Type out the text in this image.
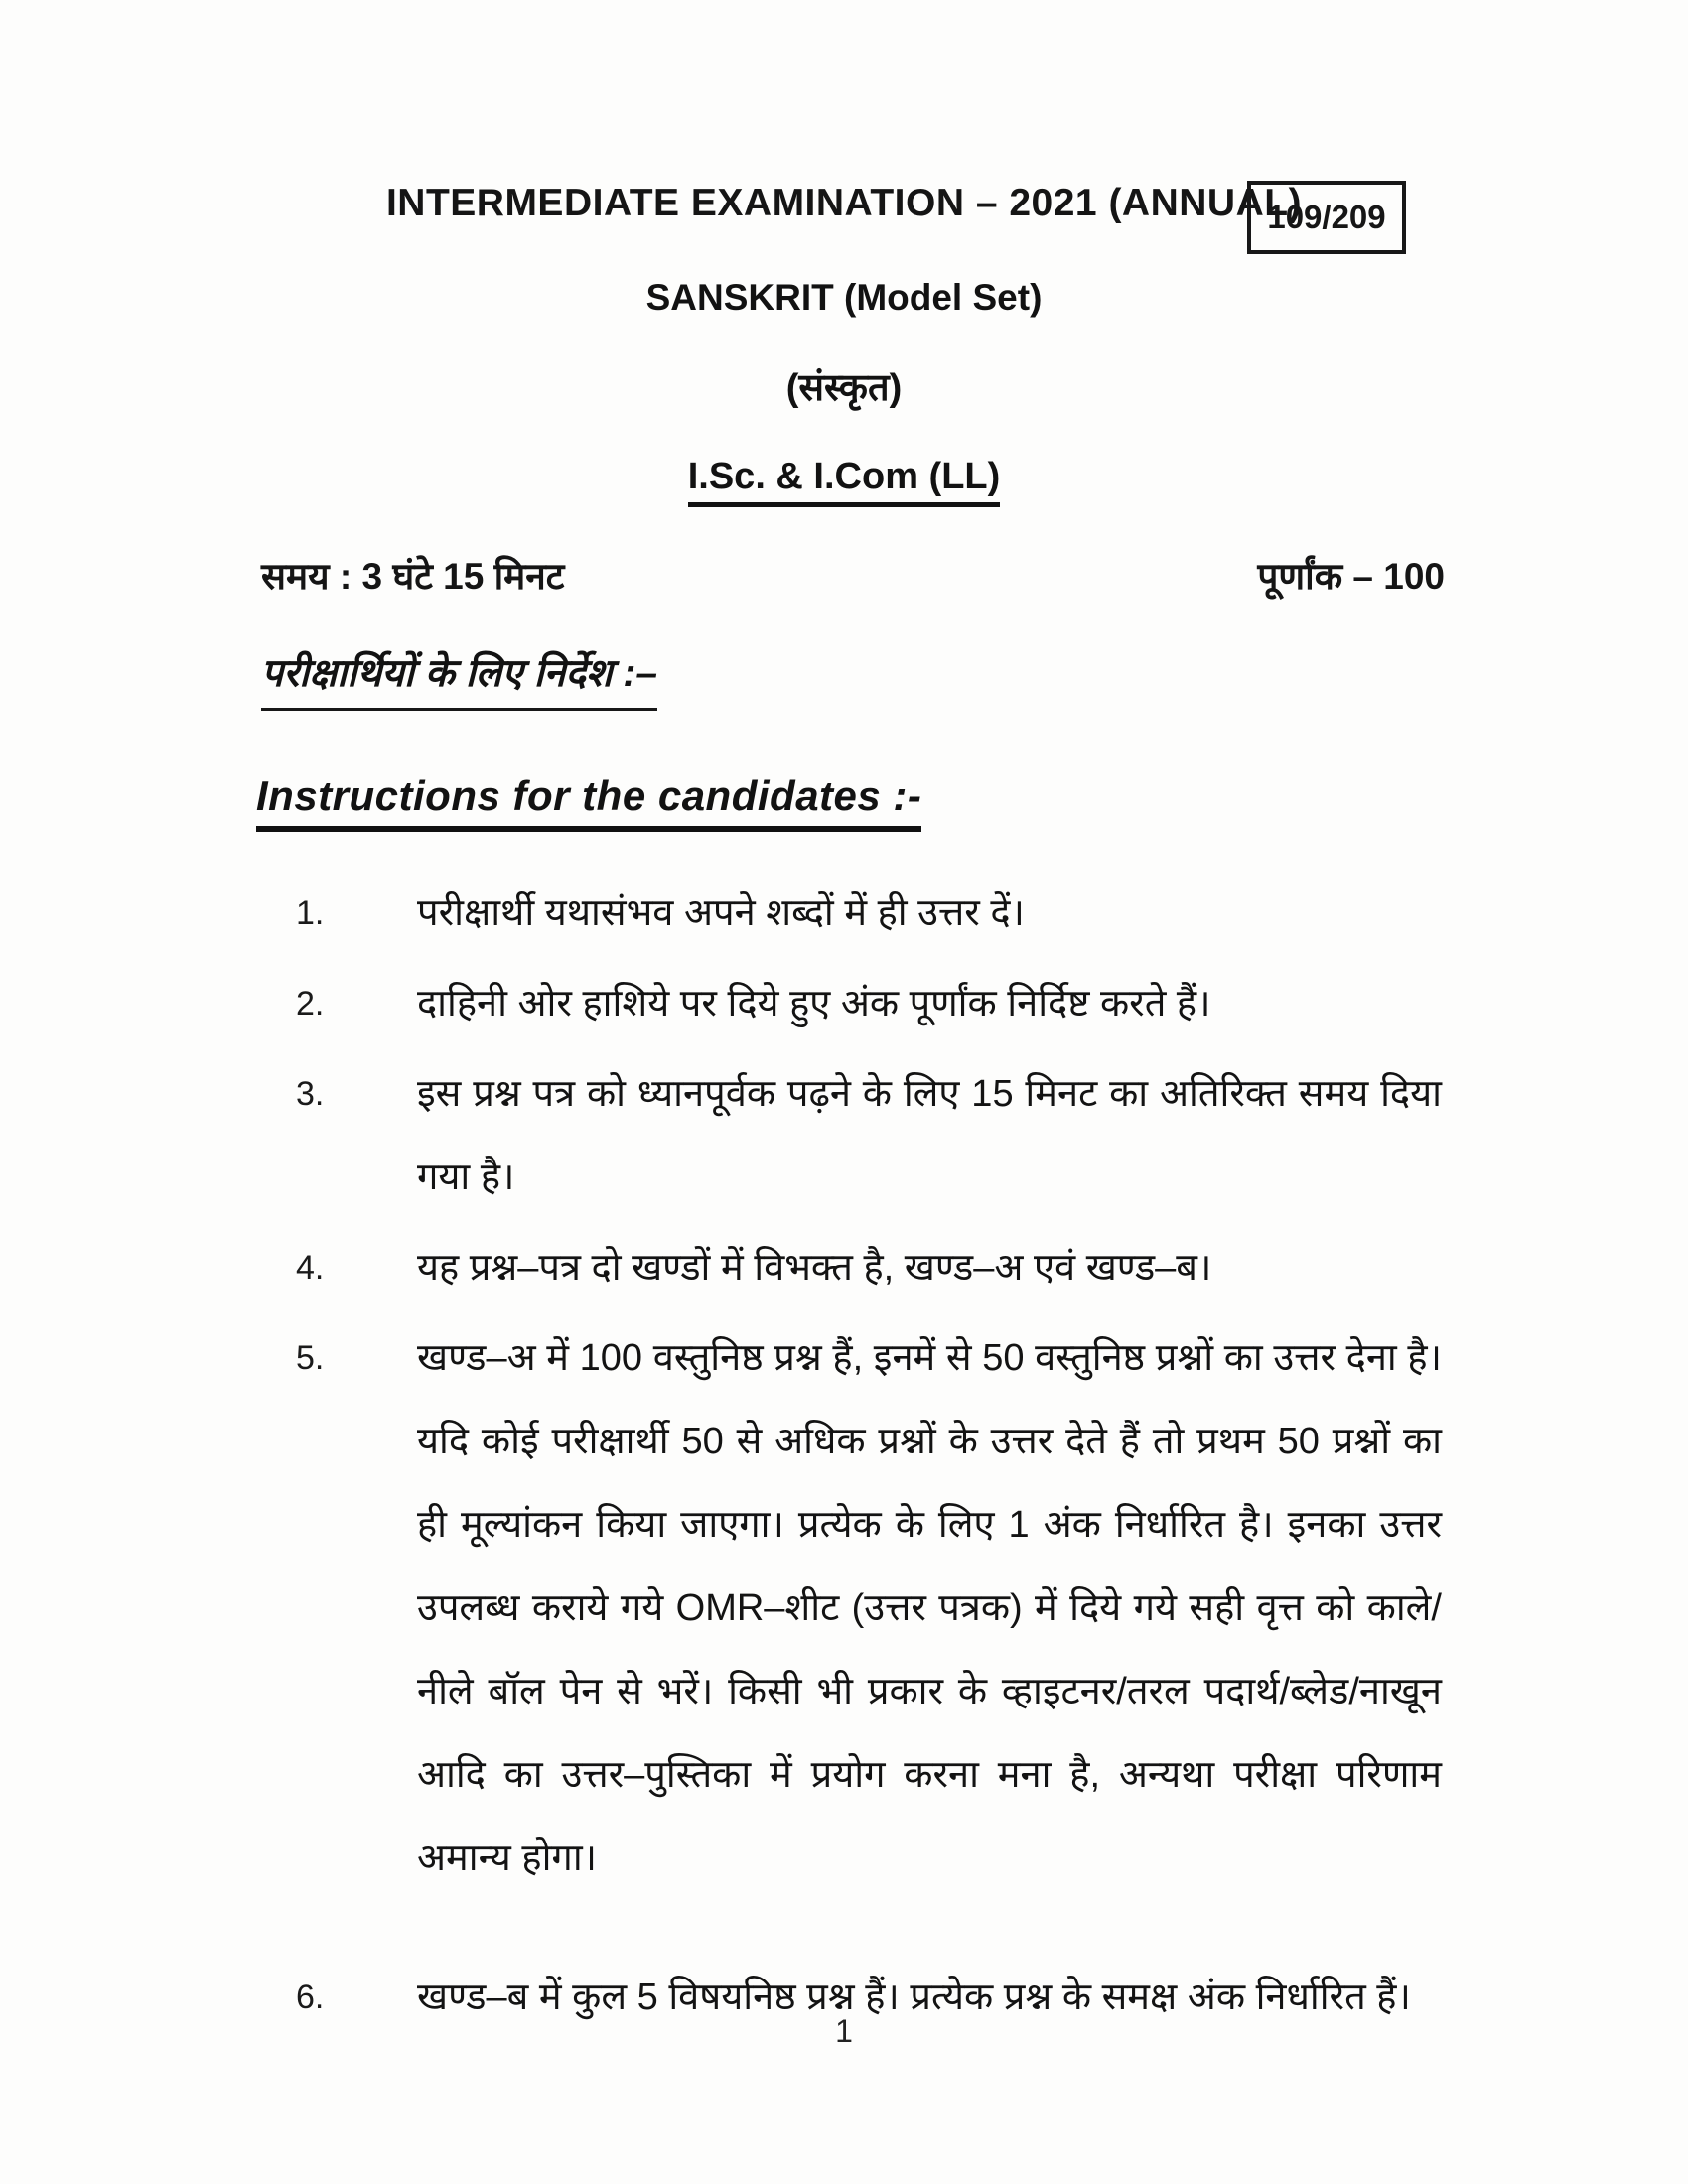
109/209
INTERMEDIATE EXAMINATION – 2021 (ANNUAL)
SANSKRIT (Model Set)
(संस्कृत)
I.Sc. & I.Com (LL)
समय : 3 घंटे 15 मिनट	पूर्णांक – 100
परीक्षार्थियों के लिए निर्देश :–
Instructions for the candidates :-
1.	परीक्षार्थी यथासंभव अपने शब्दों में ही उत्तर दें।
2.	दाहिनी ओर हाशिये पर दिये हुए अंक पूर्णांक निर्दिष्ट करते हैं।
3.	इस प्रश्न पत्र को ध्यानपूर्वक पढ़ने के लिए 15 मिनट का अतिरिक्त समय दिया गया है।
4.	यह प्रश्न–पत्र दो खण्डों में विभक्त है, खण्ड–अ एवं खण्ड–ब।
5.	खण्ड–अ में 100 वस्तुनिष्ठ प्रश्न हैं, इनमें से 50 वस्तुनिष्ठ प्रश्नों का उत्तर देना है। यदि कोई परीक्षार्थी 50 से अधिक प्रश्नों के उत्तर देते हैं तो प्रथम 50 प्रश्नों का ही मूल्यांकन किया जाएगा। प्रत्येक के लिए 1 अंक निर्धारित है। इनका उत्तर उपलब्ध कराये गये OMR–शीट (उत्तर पत्रक) में दिये गये सही वृत्त को काले/नीले बॉल पेन से भरें। किसी भी प्रकार के व्हाइटनर/तरल पदार्थ/ब्लेड/नाखून आदि का उत्तर–पुस्तिका में प्रयोग करना मना है, अन्यथा परीक्षा परिणाम अमान्य होगा।
6.	खण्ड–ब में कुल 5 विषयनिष्ठ प्रश्न हैं। प्रत्येक प्रश्न के समक्ष अंक निर्धारित हैं।
1
